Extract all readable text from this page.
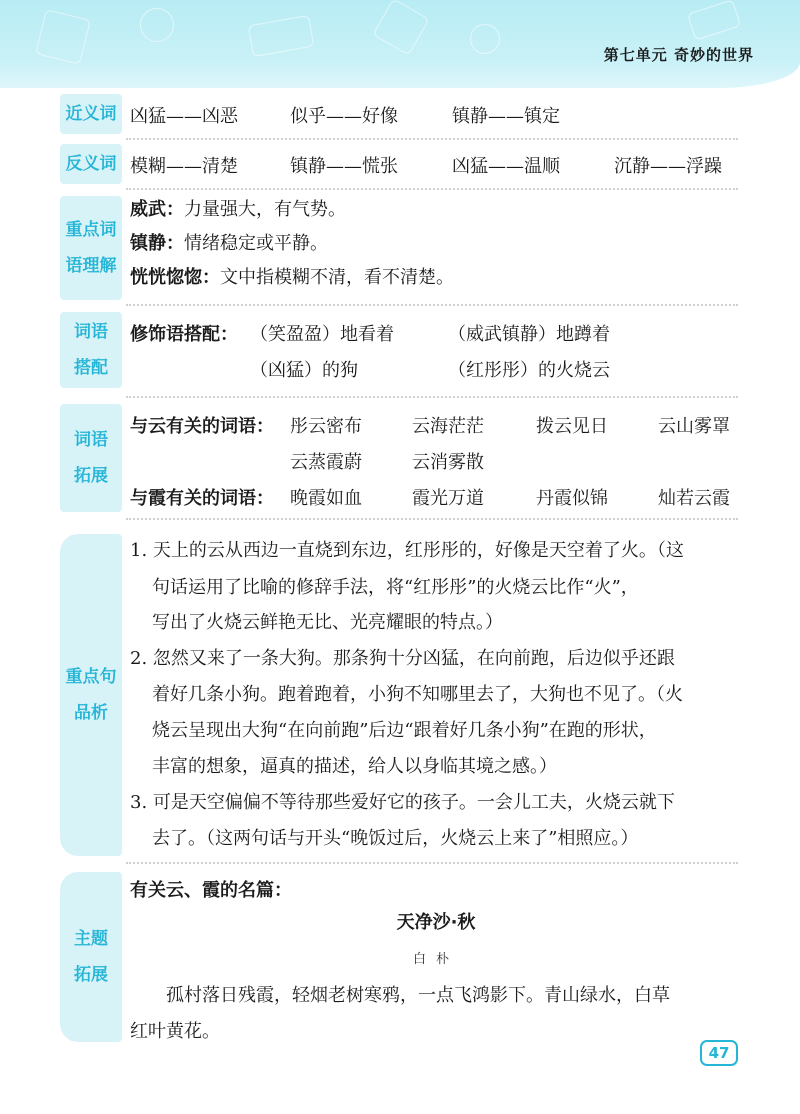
第七单元 奇妙的世界
近义词 凶猛——凶恶	似乎——好像	镇静——镇定
反义词 模糊——清楚	镇静——慌张	凶猛——温顺	沉静——浮躁
重点词
语理解
威武：力量强大，有气势。
镇静：情绪稳定或平静。
恍恍惚惚：文中指模糊不清，看不清楚。
词语
搭配
修饰语搭配： （笑盈盈）地看着	（威武镇静）地蹲着
（凶猛）的狗	（红彤彤）的火烧云
词语
拓展
与云有关的词语： 彤云密布	云海茫茫	拨云见日	云山雾罩
云蒸霞蔚	云消雾散
与霞有关的词语： 晚霞如血	霞光万道	丹霞似锦	灿若云霞
重点句
品析
1. 天上的云从西边一直烧到东边，红彤彤的，好像是天空着了火。（这
句话运用了比喻的修辞手法，将“红彤彤”的火烧云比作“火”，
写出了火烧云鲜艳无比、光亮耀眼的特点。）
2. 忽然又来了一条大狗。那条狗十分凶猛，在向前跑，后边似乎还跟
着好几条小狗。跑着跑着，小狗不知哪里去了，大狗也不见了。（火
烧云呈现出大狗“在向前跑”后边“跟着好几条小狗”在跑的形状，
丰富的想象，逼真的描述，给人以身临其境之感。）
3. 可是天空偏偏不等待那些爱好它的孩子。一会儿工夫，火烧云就下
去了。（这两句话与开头“晚饭过后，火烧云上来了”相照应。）
主题
拓展
有关云、霞的名篇：
天净沙·秋
白朴
　　孤村落日残霞，轻烟老树寒鸦，一点飞鸿影下。青山绿水，白草
红叶黄花。
47
